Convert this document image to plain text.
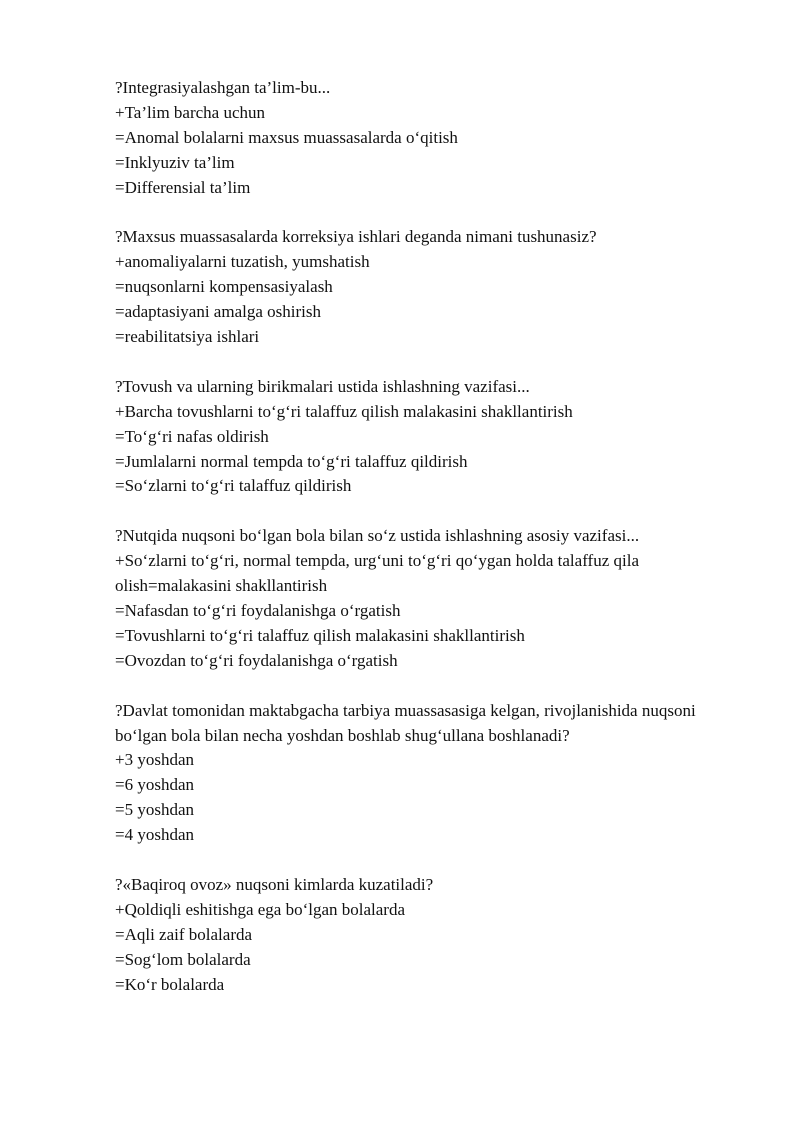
?Integrasiyalashgan ta’lim-bu...
+Ta’lim barcha uchun
=Anomal bolalarni maxsus muassasalarda o‘qitish
=Inklyuziv ta’lim
=Differensial ta’lim
?Maxsus muassasalarda korreksiya ishlari deganda nimani tushunasiz?
+anomaliyalarni tuzatish, yumshatish
=nuqsonlarni kompensasiyalash
=adaptasiyani amalga oshirish
=reabilitatsiya ishlari
?Tovush va ularning birikmalari ustida ishlashning vazifasi...
+Barcha tovushlarni to‘g‘ri talaffuz qilish malakasini shakllantirish
=To‘g‘ri nafas oldirish
=Jumlalarni normal tempda to‘g‘ri talaffuz qildirish
=So‘zlarni to‘g‘ri talaffuz qildirish
?Nutqida nuqsoni bo‘lgan bola bilan so‘z ustida ishlashning asosiy vazifasi...
+So‘zlarni to‘g‘ri, normal tempda, urg‘uni to‘g‘ri qo‘ygan holda talaffuz qila olish=malakasini shakllantirish
=Nafasdan to‘g‘ri foydalanishga o‘rgatish
=Tovushlarni to‘g‘ri talaffuz qilish malakasini shakllantirish
=Ovozdan to‘g‘ri foydalanishga o‘rgatish
?Davlat tomonidan maktabgacha tarbiya muassasasiga kelgan, rivojlanishida nuqsoni bo‘lgan bola bilan necha yoshdan boshlab shug‘ullana boshlanadi?
+3 yoshdan
=6 yoshdan
=5 yoshdan
=4 yoshdan
?«Baqiroq ovoz» nuqsoni kimlarda kuzatiladi?
+Qoldiqli eshitishga ega bo‘lgan bolalarda
=Aqli zaif bolalarda
=Sog‘lom bolalarda
=Ko‘r bolalarda
